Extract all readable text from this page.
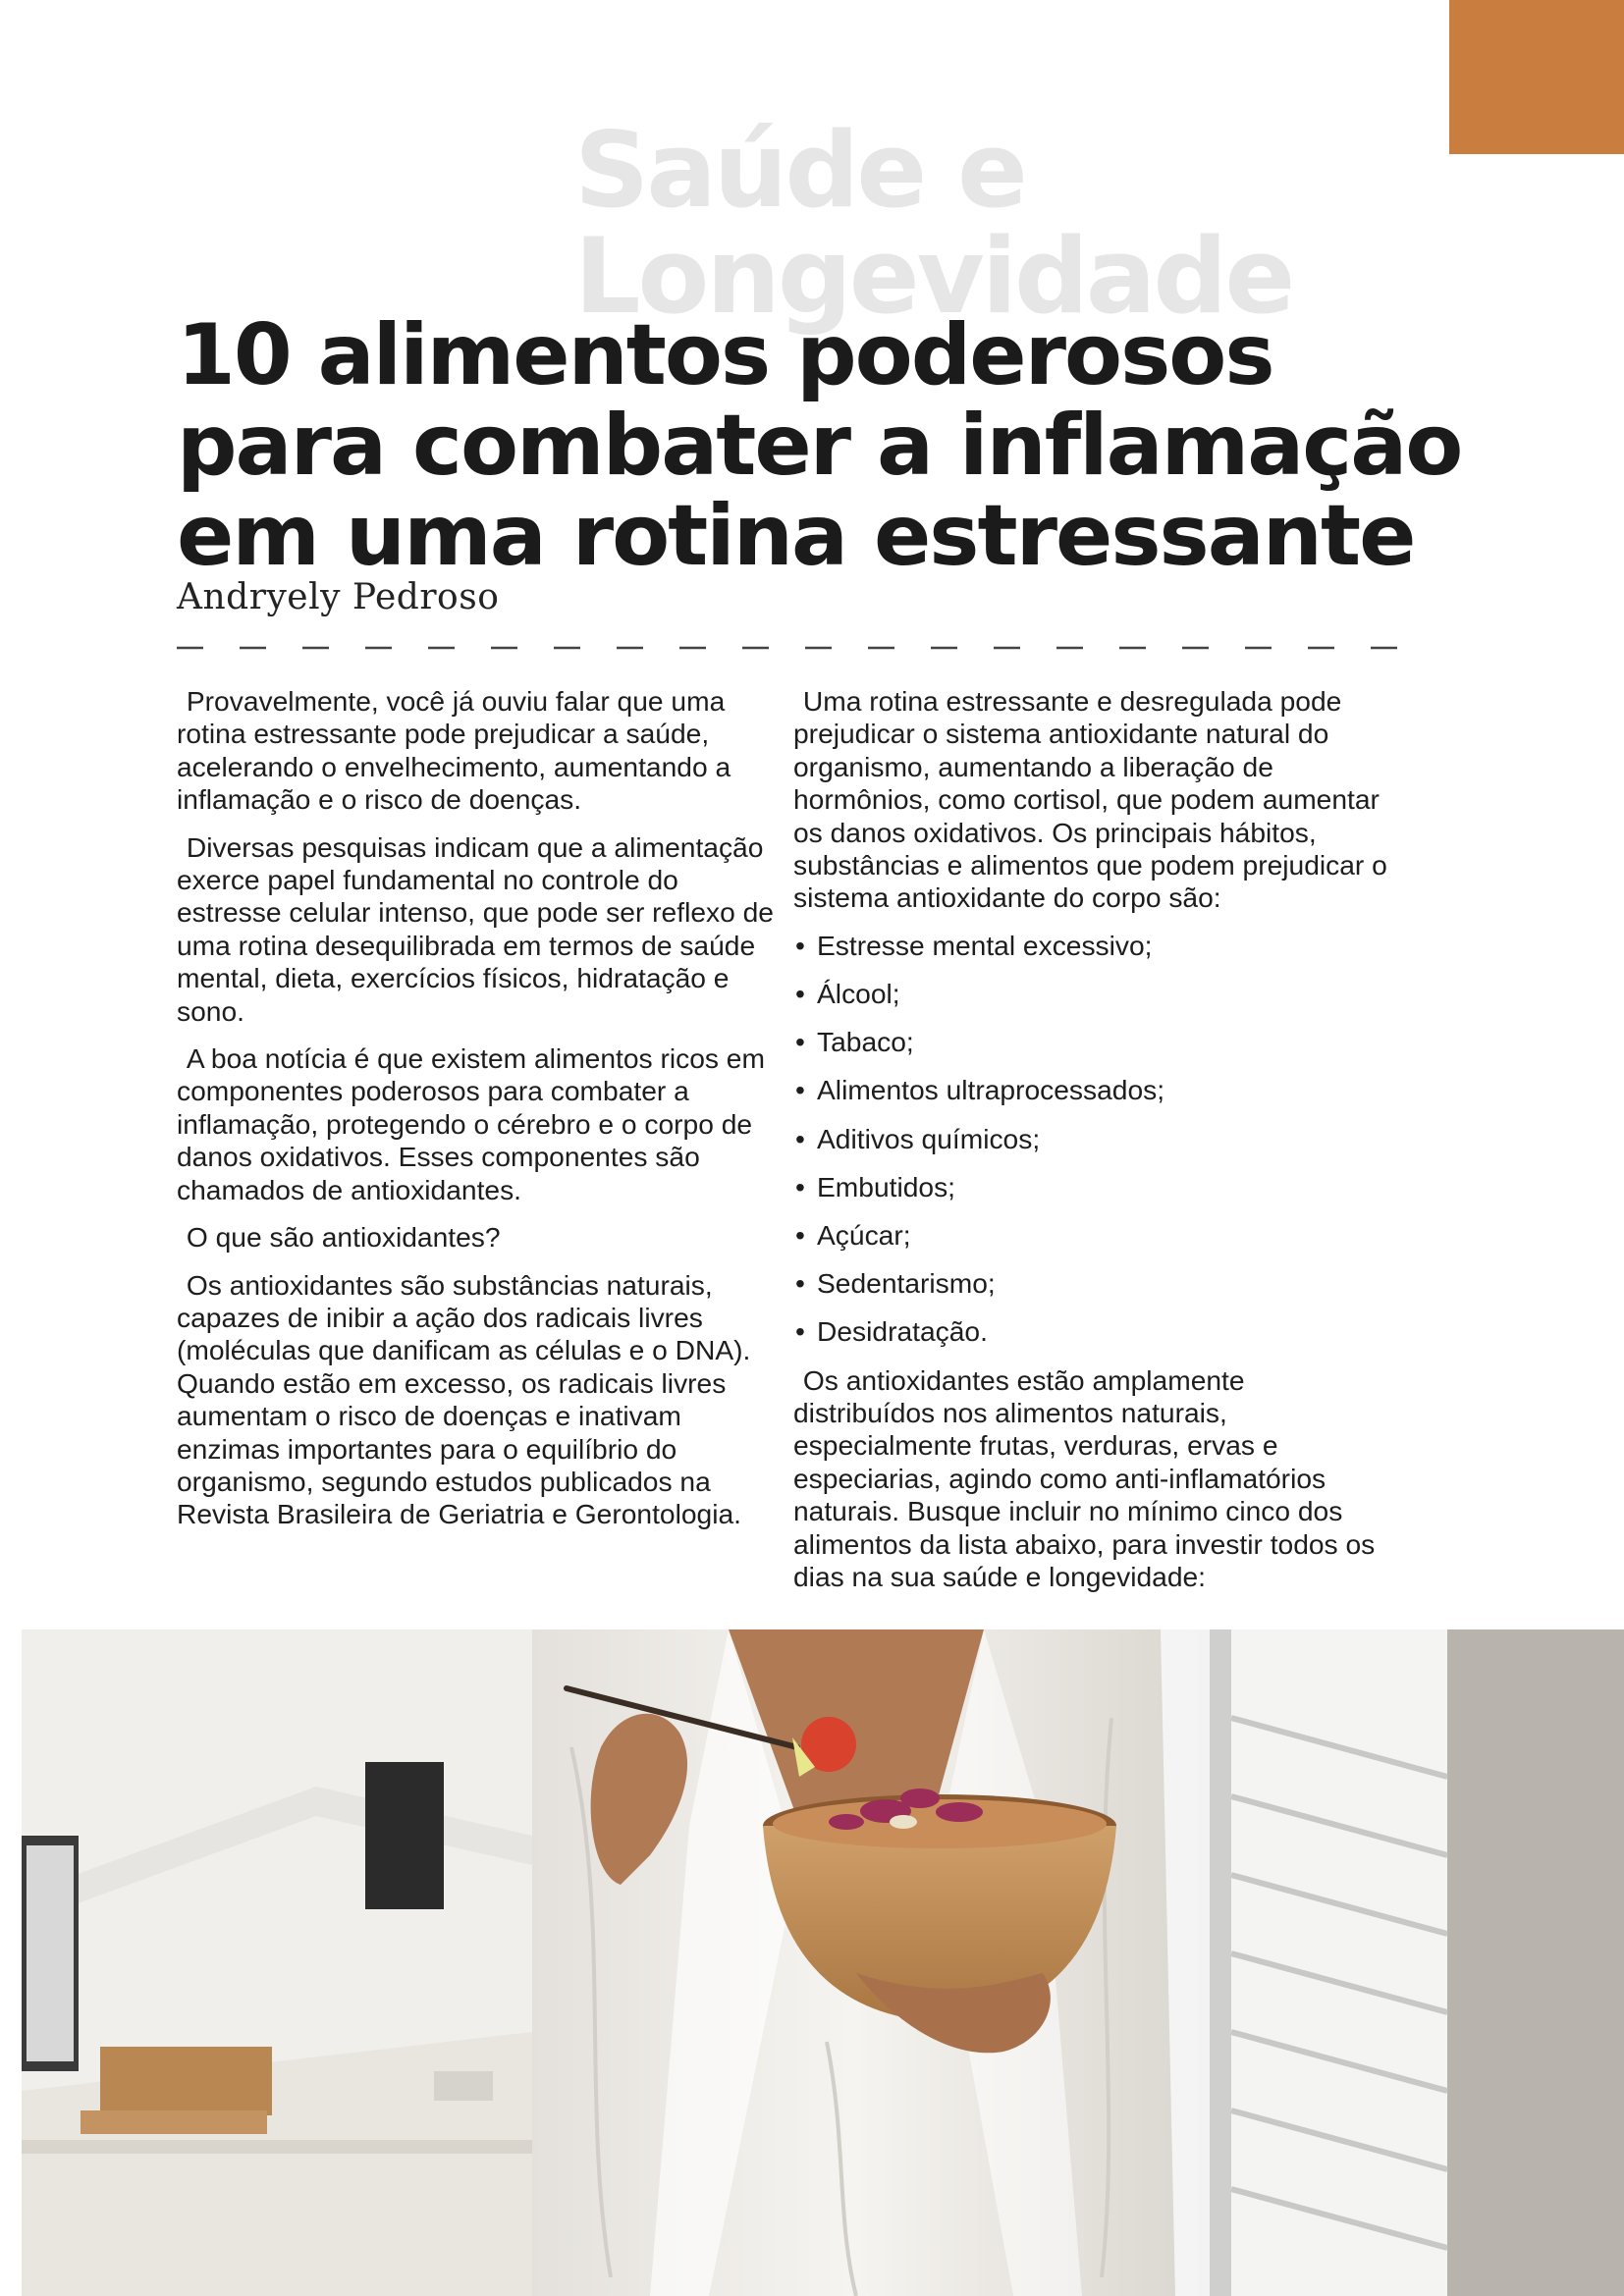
Saúde e
Longevidade
10 alimentos poderosos
para combater a inflamação
em uma rotina estressante
Andryely Pedroso

Provavelmente, você já ouviu falar que uma rotina estressante pode prejudicar a saúde, acelerando o envelhecimento, aumentando a inflamação e o risco de doenças.

Diversas pesquisas indicam que a alimentação exerce papel fundamental no controle do estresse celular intenso, que pode ser reflexo de uma rotina desequilibrada em termos de saúde mental, dieta, exercícios físicos, hidratação e sono.

A boa notícia é que existem alimentos ricos em componentes poderosos para combater a inflamação, protegendo o cérebro e o corpo de danos oxidativos. Esses componentes são chamados de antioxidantes.

O que são antioxidantes?

Os antioxidantes são substâncias naturais, capazes de inibir a ação dos radicais livres (moléculas que danificam as células e o DNA). Quando estão em excesso, os radicais livres aumentam o risco de doenças e inativam enzimas importantes para o equilíbrio do organismo, segundo estudos publicados na Revista Brasileira de Geriatria e Gerontologia.

Uma rotina estressante e desregulada pode prejudicar o sistema antioxidante natural do organismo, aumentando a liberação de hormônios, como cortisol, que podem aumentar os danos oxidativos. Os principais hábitos, substâncias e alimentos que podem prejudicar o sistema antioxidante do corpo são:

• Estresse mental excessivo;
• Álcool;
• Tabaco;
• Alimentos ultraprocessados;
• Aditivos químicos;
• Embutidos;
• Açúcar;
• Sedentarismo;
• Desidratação.

Os antioxidantes estão amplamente distribuídos nos alimentos naturais, especialmente frutas, verduras, ervas e especiarias, agindo como anti-inflamatórios naturais. Busque incluir no mínimo cinco dos alimentos da lista abaixo, para investir todos os dias na sua saúde e longevidade:
